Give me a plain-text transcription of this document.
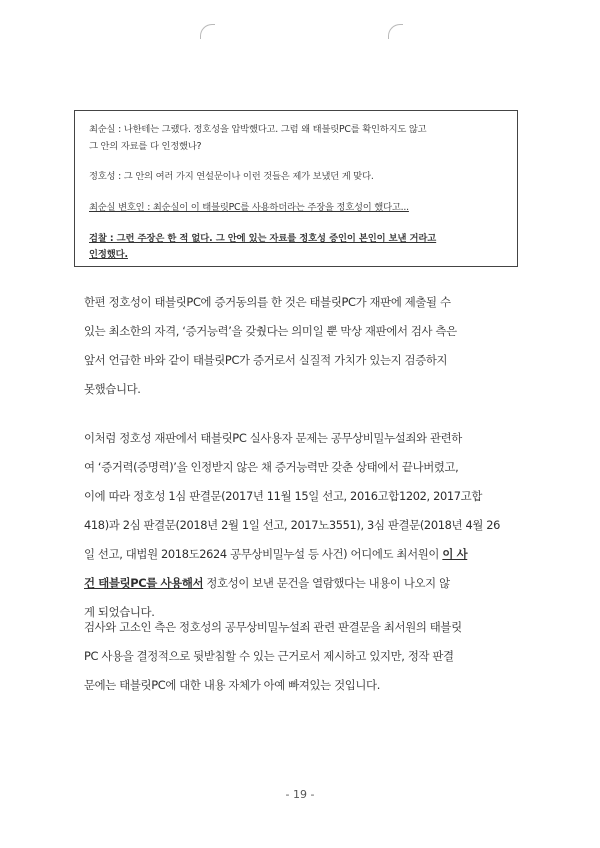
최순실 : 나한테는 그랬다. 정호성을 압박했다고. 그럼 왜 태블릿PC를 확인하지도 않고
그 안의 자료를 다 인정했나?

정호성 : 그 안의 여러 가지 연설문이나 이런 것들은 제가 보냈던 게 맞다.

최순실 변호인 : 최순실이 이 태블릿PC를 사용하더라는 주장을 정호성이 했다고...

검찰 : 그런 주장은 한 적 없다. 그 안에 있는 자료를 정호성 증인이 본인이 보낸 거라고
인정했다.

한편 정호성이 태블릿PC에 증거동의를 한 것은 태블릿PC가 재판에 제출될 수
있는 최소한의 자격, ‘증거능력’을 갖췄다는 의미일 뿐 막상 재판에서 검사 측은
앞서 언급한 바와 같이 태블릿PC가 증거로서 실질적 가치가 있는지 검증하지
못했습니다.

이처럼 정호성 재판에서 태블릿PC 실사용자 문제는 공무상비밀누설죄와 관련하
여 ‘증거력(증명력)’을 인정받지 않은 채 증거능력만 갖춘 상태에서 끝나버렸고,
이에 따라 정호성 1심 판결문(2017년 11월 15일 선고, 2016고합1202, 2017고합
418)과 2심 판결문(2018년 2월 1일 선고, 2017노3551), 3심 판결문(2018년 4월 26
일 선고, 대법원 2018도2624 공무상비밀누설 등 사건) 어디에도 최서원이 이 사
건 태블릿PC를 사용해서 정호성이 보낸 문건을 열람했다는 내용이 나오지 않
게 되었습니다.

검사와 고소인 측은 정호성의 공무상비밀누설죄 관련 판결문을 최서원의 태블릿
PC 사용을 결정적으로 뒷받침할 수 있는 근거로서 제시하고 있지만, 정작 판결
문에는 태블릿PC에 대한 내용 자체가 아예 빠져있는 것입니다.

- 19 -
